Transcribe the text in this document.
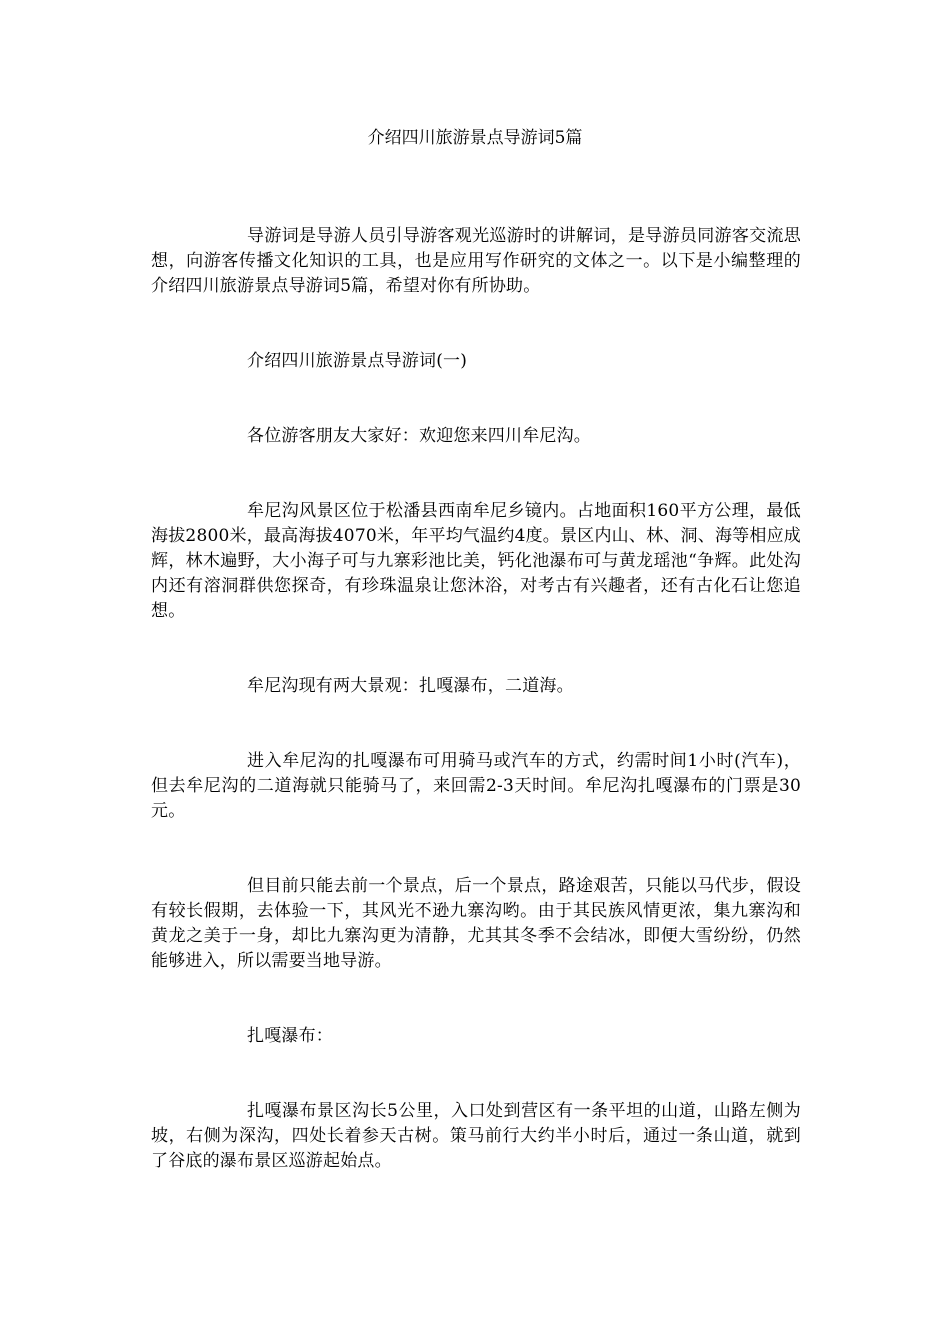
介绍四川旅游景点导游词5篇

导游词是导游人员引导游客观光巡游时的讲解词，是导游员同游客交流思想，向游客传播文化知识的工具，也是应用写作研究的文体之一。以下是小编整理的介绍四川旅游景点导游词5篇，希望对你有所协助。

介绍四川旅游景点导游词(一)

各位游客朋友大家好：欢迎您来四川牟尼沟。

牟尼沟风景区位于松潘县西南牟尼乡镜内。占地面积160平方公理，最低海拔2800米，最高海拔4070米，年平均气温约4度。景区内山、林、洞、海等相应成辉，林木遍野，大小海子可与九寨彩池比美，钙化池瀑布可与黄龙瑶池“争辉。此处沟内还有溶洞群供您探奇，有珍珠温泉让您沐浴，对考古有兴趣者，还有古化石让您追想。

牟尼沟现有两大景观：扎嘎瀑布，二道海。

进入牟尼沟的扎嘎瀑布可用骑马或汽车的方式，约需时间1小时(汽车)，但去牟尼沟的二道海就只能骑马了，来回需2-3天时间。牟尼沟扎嘎瀑布的门票是30元。

但目前只能去前一个景点，后一个景点，路途艰苦，只能以马代步，假设有较长假期，去体验一下，其风光不逊九寨沟哟。由于其民族风情更浓，集九寨沟和黄龙之美于一身，却比九寨沟更为清静，尤其其冬季不会结冰，即便大雪纷纷，仍然能够进入，所以需要当地导游。

扎嘎瀑布：

扎嘎瀑布景区沟长5公里，入口处到营区有一条平坦的山道，山路左侧为坡，右侧为深沟，四处长着参天古树。策马前行大约半小时后，通过一条山道，就到了谷底的瀑布景区巡游起始点。
